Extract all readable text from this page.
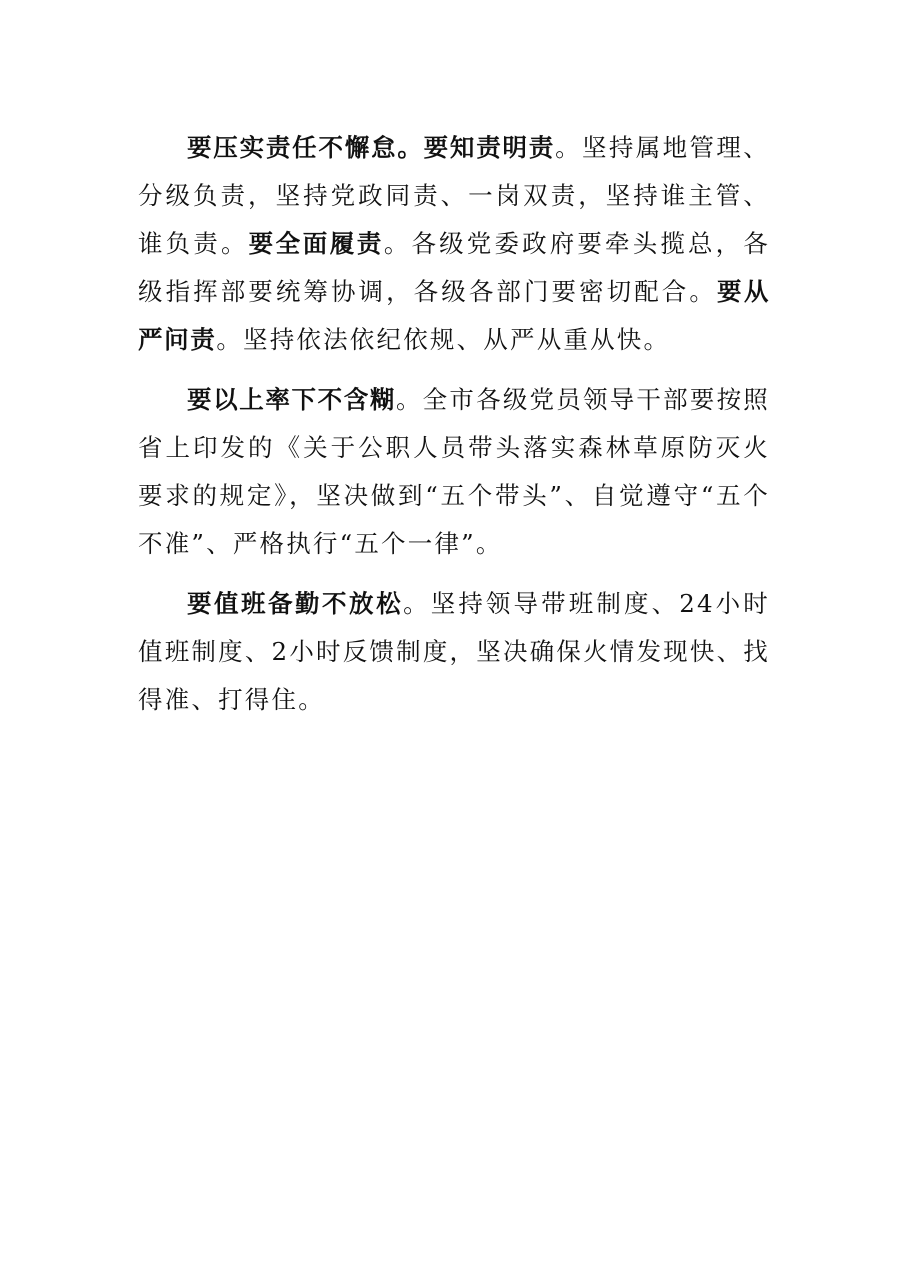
要压实责任不懈怠。要知责明责。坚持属地管理、分级负责，坚持党政同责、一岗双责，坚持谁主管、谁负责。要全面履责。各级党委政府要牵头揽总，各级指挥部要统筹协调，各级各部门要密切配合。要从严问责。坚持依法依纪依规、从严从重从快。

要以上率下不含糊。全市各级党员领导干部要按照省上印发的《关于公职人员带头落实森林草原防灭火要求的规定》，坚决做到“五个带头”、自觉遵守“五个不准”、严格执行“五个一律”。

要值班备勤不放松。坚持领导带班制度、24小时值班制度、2小时反馈制度，坚决确保火情发现快、找得准、打得住。
